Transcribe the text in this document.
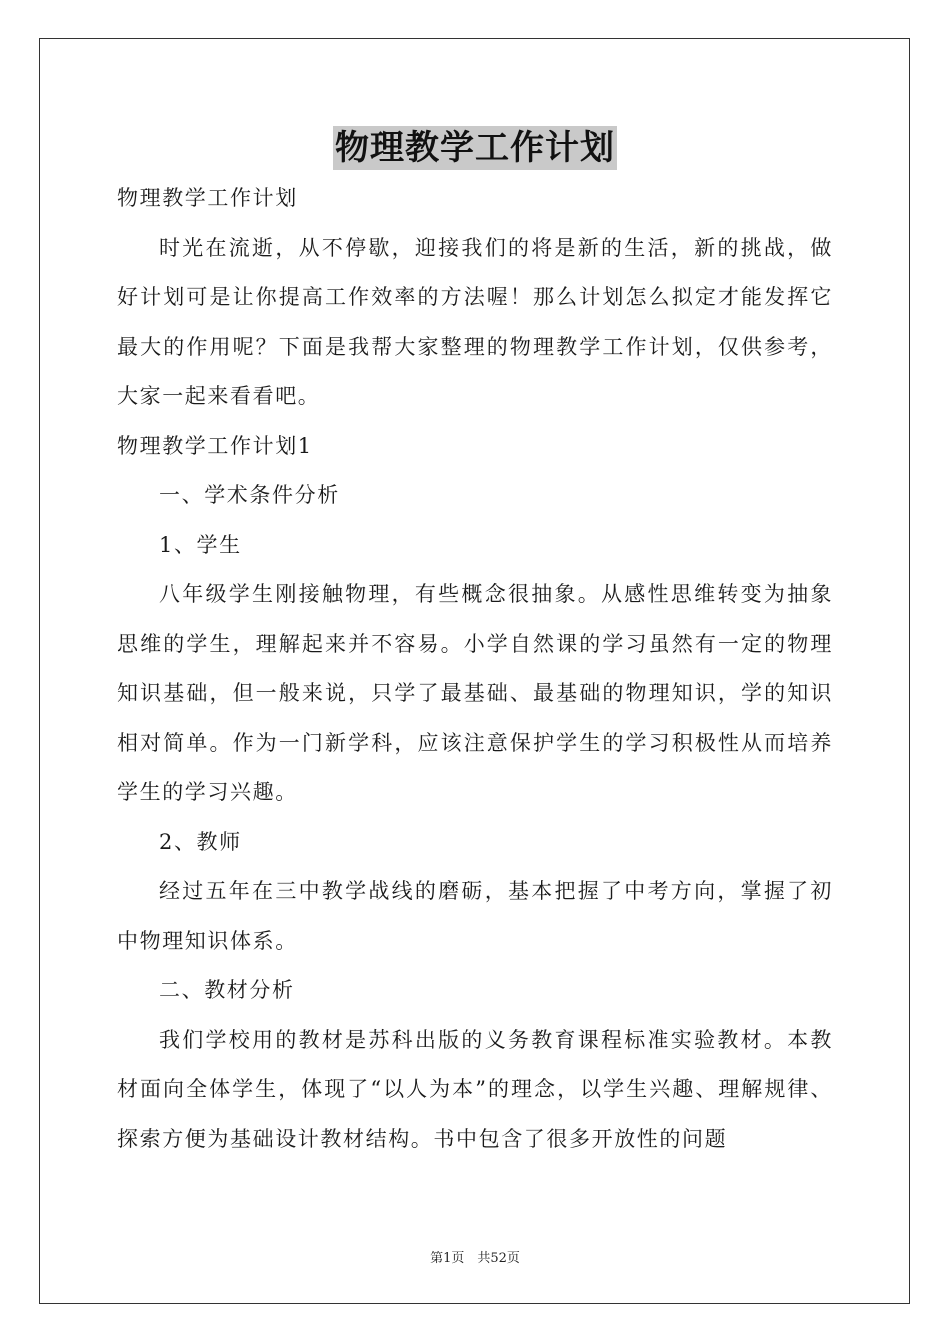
物理教学工作计划
物理教学工作计划
时光在流逝，从不停歇，迎接我们的将是新的生活，新的挑战，做好计划可是让你提高工作效率的方法喔！那么计划怎么拟定才能发挥它最大的作用呢？下面是我帮大家整理的物理教学工作计划，仅供参考，大家一起来看看吧。
物理教学工作计划1
一、学术条件分析
1、学生
八年级学生刚接触物理，有些概念很抽象。从感性思维转变为抽象思维的学生，理解起来并不容易。小学自然课的学习虽然有一定的物理知识基础，但一般来说，只学了最基础、最基础的物理知识，学的知识相对简单。作为一门新学科，应该注意保护学生的学习积极性从而培养学生的学习兴趣。
2、教师
经过五年在三中教学战线的磨砺，基本把握了中考方向，掌握了初中物理知识体系。
二、教材分析
我们学校用的教材是苏科出版的义务教育课程标准实验教材。本教材面向全体学生，体现了“以人为本”的理念，以学生兴趣、理解规律、探索方便为基础设计教材结构。书中包含了很多开放性的问题
第1页　共52页
